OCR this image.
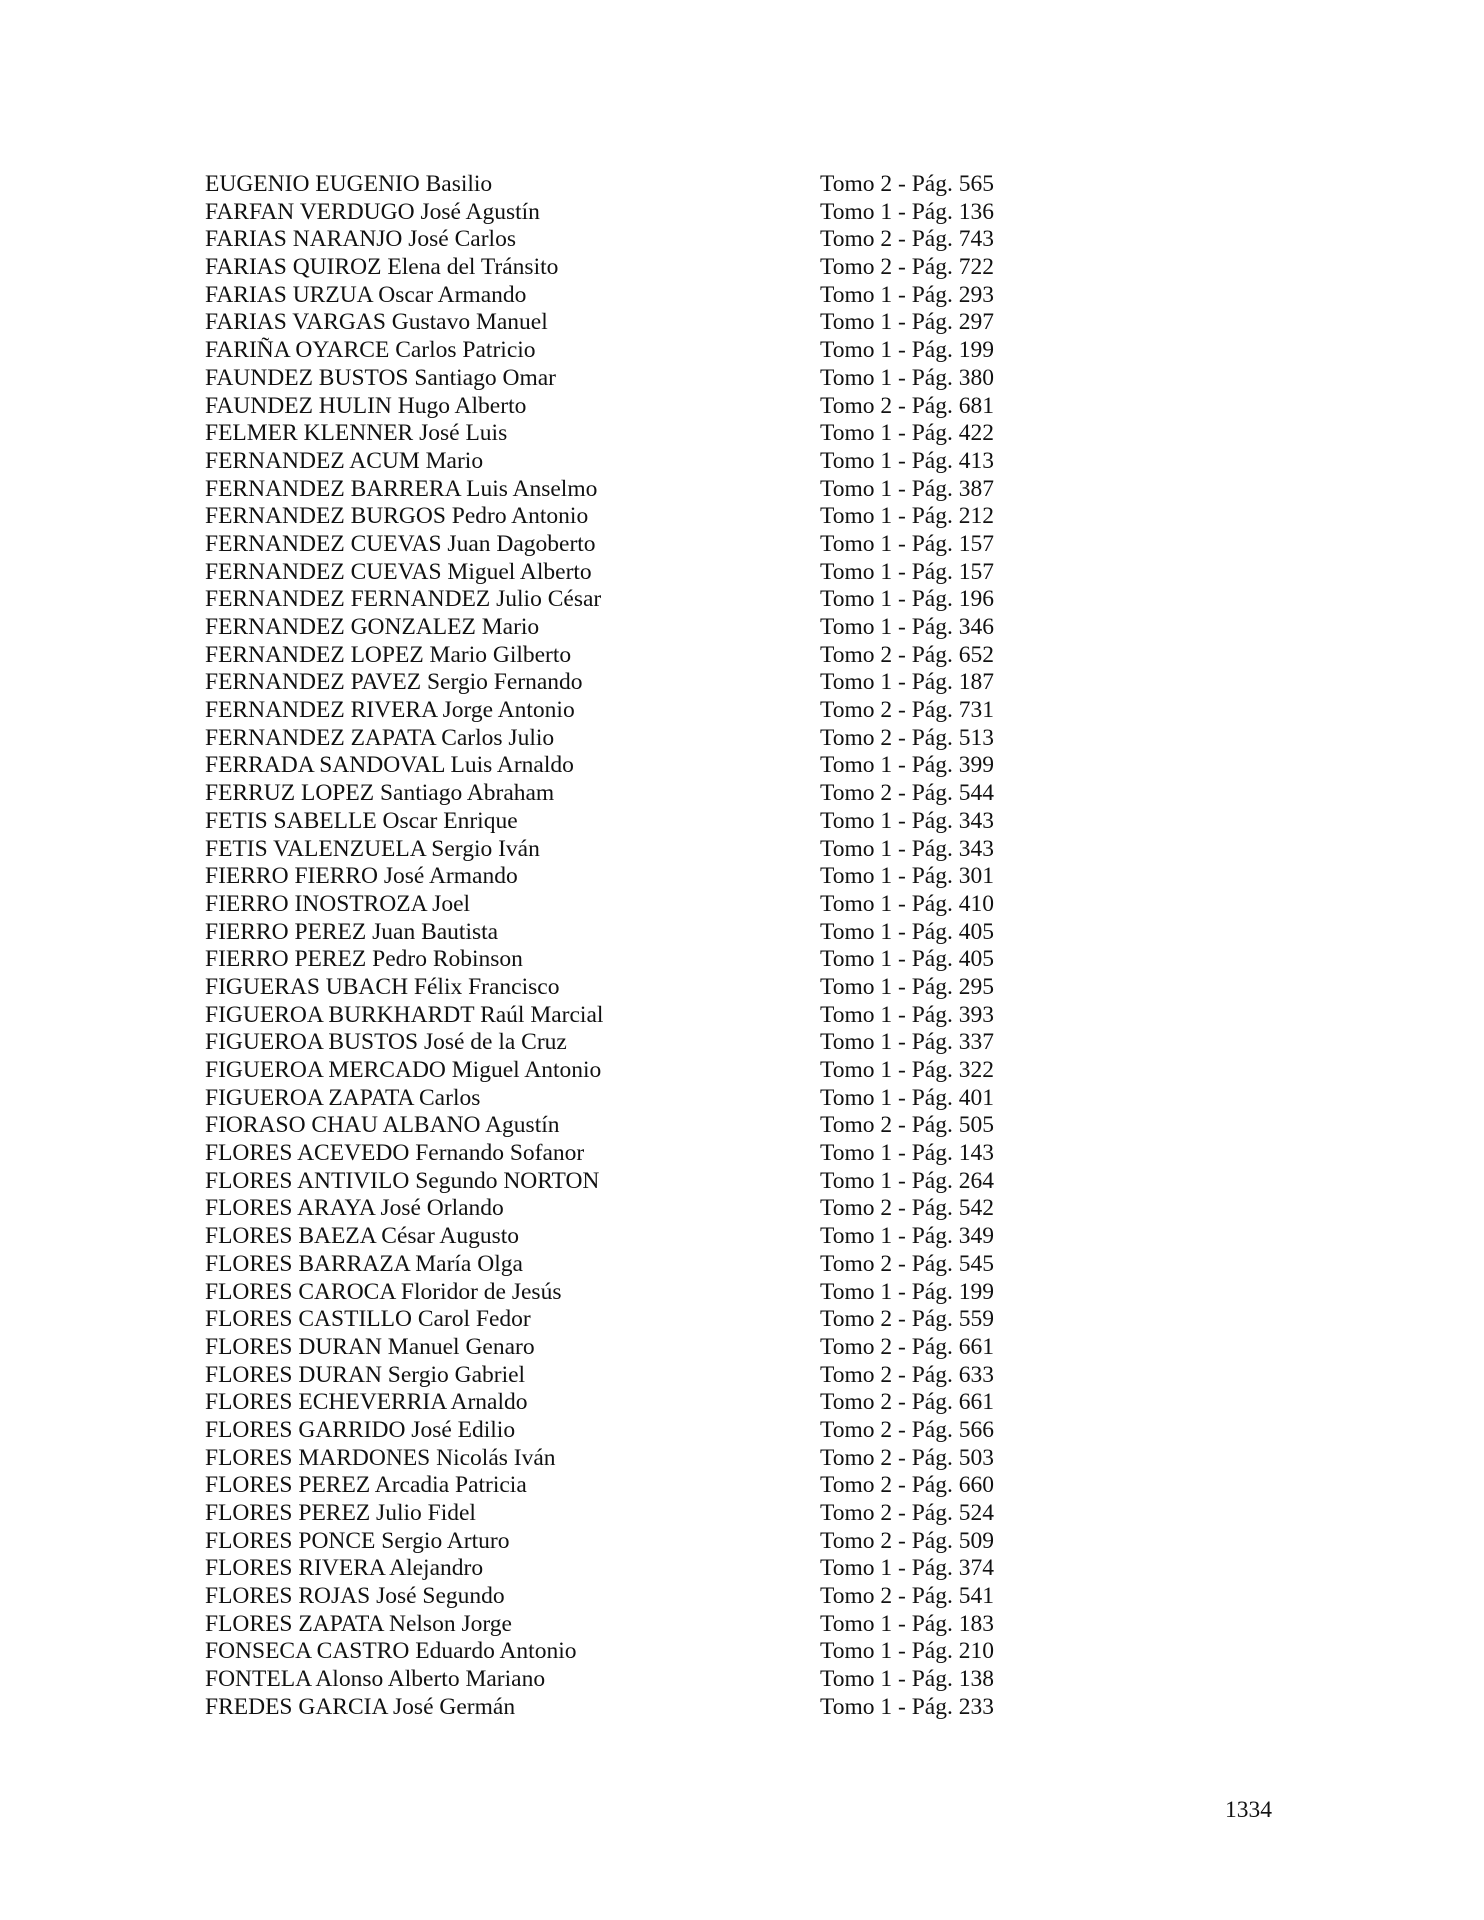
EUGENIO EUGENIO Basilio	Tomo 2 - Pág. 565
FARFAN VERDUGO José Agustín	Tomo 1 - Pág. 136
FARIAS NARANJO José Carlos	Tomo 2 - Pág. 743
FARIAS QUIROZ Elena del Tránsito	Tomo 2 - Pág. 722
FARIAS URZUA Oscar Armando	Tomo 1 - Pág. 293
FARIAS VARGAS Gustavo Manuel	Tomo 1 - Pág. 297
FARIÑA OYARCE Carlos Patricio	Tomo 1 - Pág. 199
FAUNDEZ BUSTOS Santiago Omar	Tomo 1 - Pág. 380
FAUNDEZ HULIN Hugo Alberto	Tomo 2 - Pág. 681
FELMER KLENNER José Luis	Tomo 1 - Pág. 422
FERNANDEZ ACUM Mario	Tomo 1 - Pág. 413
FERNANDEZ BARRERA Luis Anselmo	Tomo 1 - Pág. 387
FERNANDEZ BURGOS Pedro Antonio	Tomo 1 - Pág. 212
FERNANDEZ CUEVAS Juan Dagoberto	Tomo 1 - Pág. 157
FERNANDEZ CUEVAS Miguel Alberto	Tomo 1 - Pág. 157
FERNANDEZ FERNANDEZ Julio César	Tomo 1 - Pág. 196
FERNANDEZ GONZALEZ Mario	Tomo 1 - Pág. 346
FERNANDEZ LOPEZ Mario Gilberto	Tomo 2 - Pág. 652
FERNANDEZ PAVEZ Sergio Fernando	Tomo 1 - Pág. 187
FERNANDEZ RIVERA Jorge Antonio	Tomo 2 - Pág. 731
FERNANDEZ ZAPATA Carlos Julio	Tomo 2 - Pág. 513
FERRADA SANDOVAL Luis Arnaldo	Tomo 1 - Pág. 399
FERRUZ LOPEZ Santiago Abraham	Tomo 2 - Pág. 544
FETIS SABELLE Oscar Enrique	Tomo 1 - Pág. 343
FETIS VALENZUELA Sergio Iván	Tomo 1 - Pág. 343
FIERRO FIERRO José Armando	Tomo 1 - Pág. 301
FIERRO INOSTROZA Joel	Tomo 1 - Pág. 410
FIERRO PEREZ Juan Bautista	Tomo 1 - Pág. 405
FIERRO PEREZ Pedro Robinson	Tomo 1 - Pág. 405
FIGUERAS UBACH Félix Francisco	Tomo 1 - Pág. 295
FIGUEROA BURKHARDT Raúl Marcial	Tomo 1 - Pág. 393
FIGUEROA BUSTOS José de la Cruz	Tomo 1 - Pág. 337
FIGUEROA MERCADO Miguel Antonio	Tomo 1 - Pág. 322
FIGUEROA ZAPATA Carlos	Tomo 1 - Pág. 401
FIORASO CHAU ALBANO Agustín	Tomo 2 - Pág. 505
FLORES ACEVEDO Fernando Sofanor	Tomo 1 - Pág. 143
FLORES ANTIVILO Segundo NORTON	Tomo 1 - Pág. 264
FLORES ARAYA José Orlando	Tomo 2 - Pág. 542
FLORES BAEZA César Augusto	Tomo 1 - Pág. 349
FLORES BARRAZA María Olga	Tomo 2 - Pág. 545
FLORES CAROCA Floridor de Jesús	Tomo 1 - Pág. 199
FLORES CASTILLO Carol Fedor	Tomo 2 - Pág. 559
FLORES DURAN Manuel Genaro	Tomo 2 - Pág. 661
FLORES DURAN Sergio Gabriel	Tomo 2 - Pág. 633
FLORES ECHEVERRIA Arnaldo	Tomo 2 - Pág. 661
FLORES GARRIDO José Edilio	Tomo 2 - Pág. 566
FLORES MARDONES Nicolás Iván	Tomo 2 - Pág. 503
FLORES PEREZ Arcadia Patricia	Tomo 2 - Pág. 660
FLORES PEREZ Julio Fidel	Tomo 2 - Pág. 524
FLORES PONCE Sergio Arturo	Tomo 2 - Pág. 509
FLORES RIVERA Alejandro	Tomo 1 - Pág. 374
FLORES ROJAS José Segundo	Tomo 2 - Pág. 541
FLORES ZAPATA Nelson Jorge	Tomo 1 - Pág. 183
FONSECA CASTRO Eduardo Antonio	Tomo 1 - Pág. 210
FONTELA Alonso Alberto Mariano	Tomo 1 - Pág. 138
FREDES GARCIA José Germán	Tomo 1 - Pág. 233
1334
